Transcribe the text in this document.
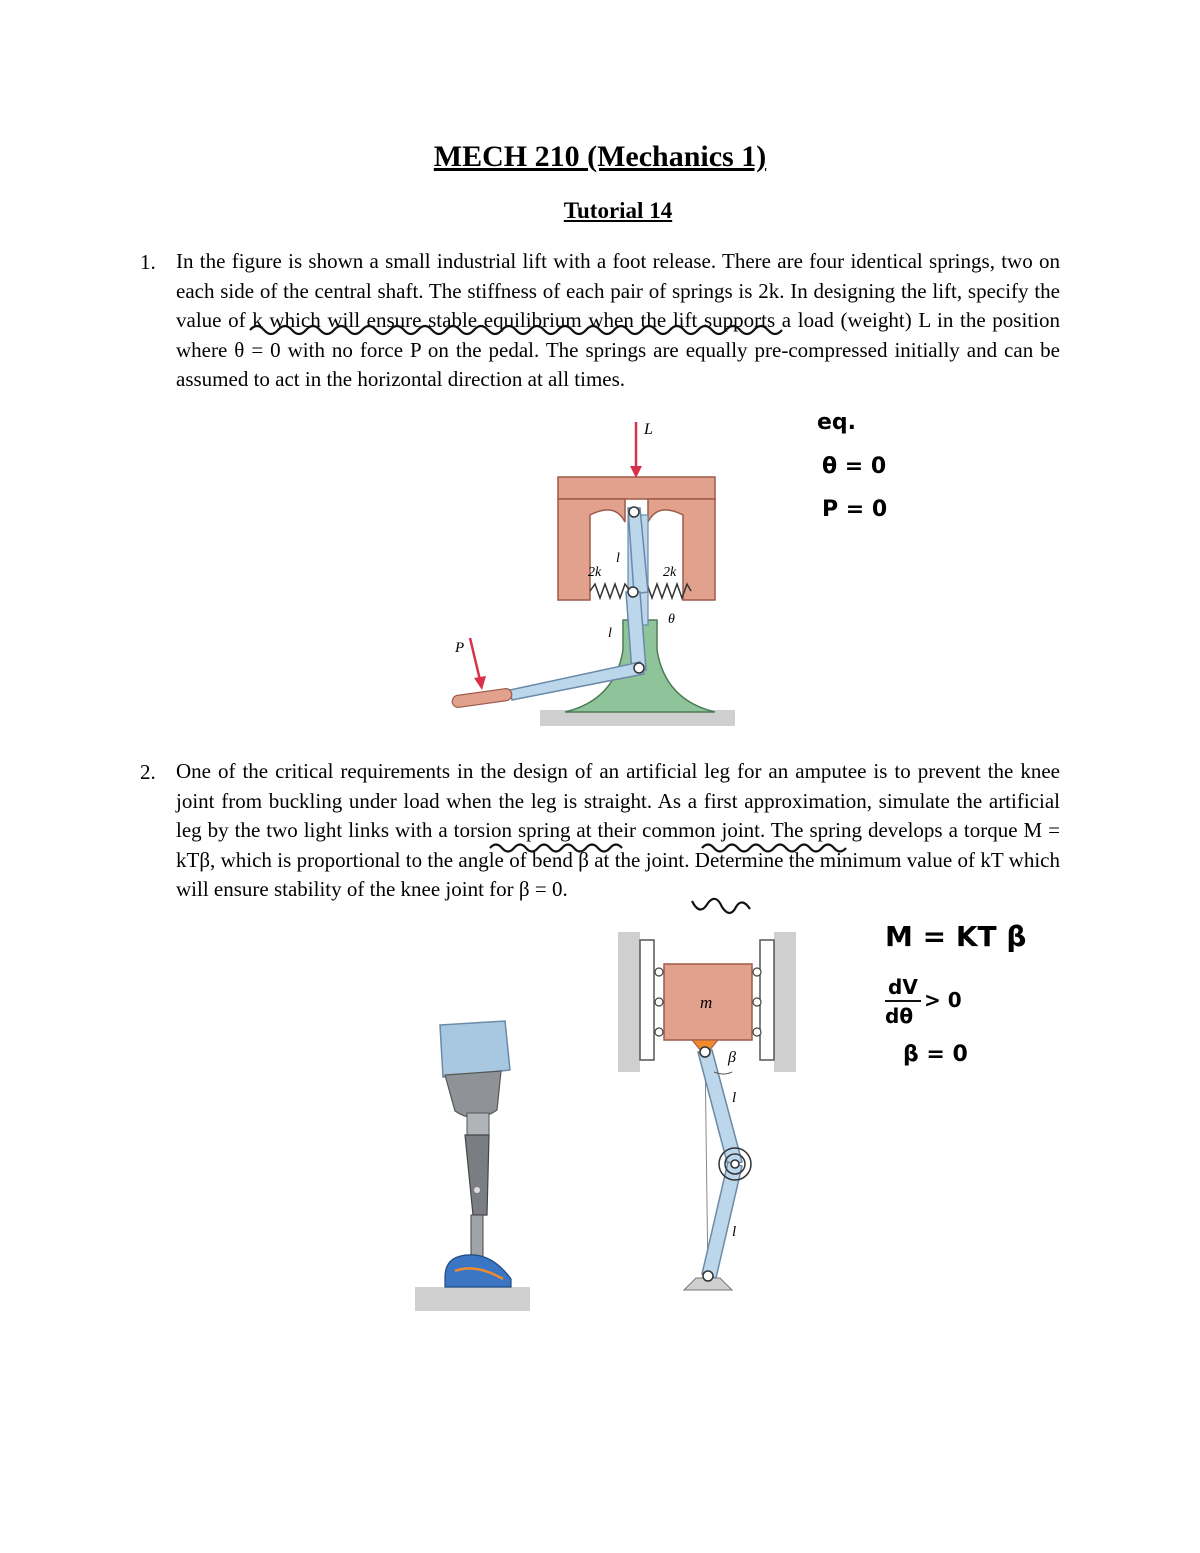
MECH 210 (Mechanics 1)
Tutorial 14
1. In the figure is shown a small industrial lift with a foot release. There are four identical springs, two on each side of the central shaft. The stiffness of each pair of springs is 2k. In designing the lift, specify the value of k which will ensure stable equilibrium when the lift supports a load (weight) L in the position where θ = 0 with no force P on the pedal. The springs are equally pre-compressed initially and can be assumed to act in the horizontal direction at all times.

L
P
2k	2k
l
l
θ
eq.
θ = 0
P = 0
2. One of the critical requirements in the design of an artificial leg for an amputee is to prevent the knee joint from buckling under load when the leg is straight. As a first approximation, simulate the artificial leg by the two light links with a torsion spring at their common joint. The spring develops a torque M = kTβ, which is proportional to the angle of bend β at the joint. Determine the minimum value of kT which will ensure stability of the knee joint for β = 0.

m
β
l
l
M = KT β
dV
dθ
> 0
β = 0
